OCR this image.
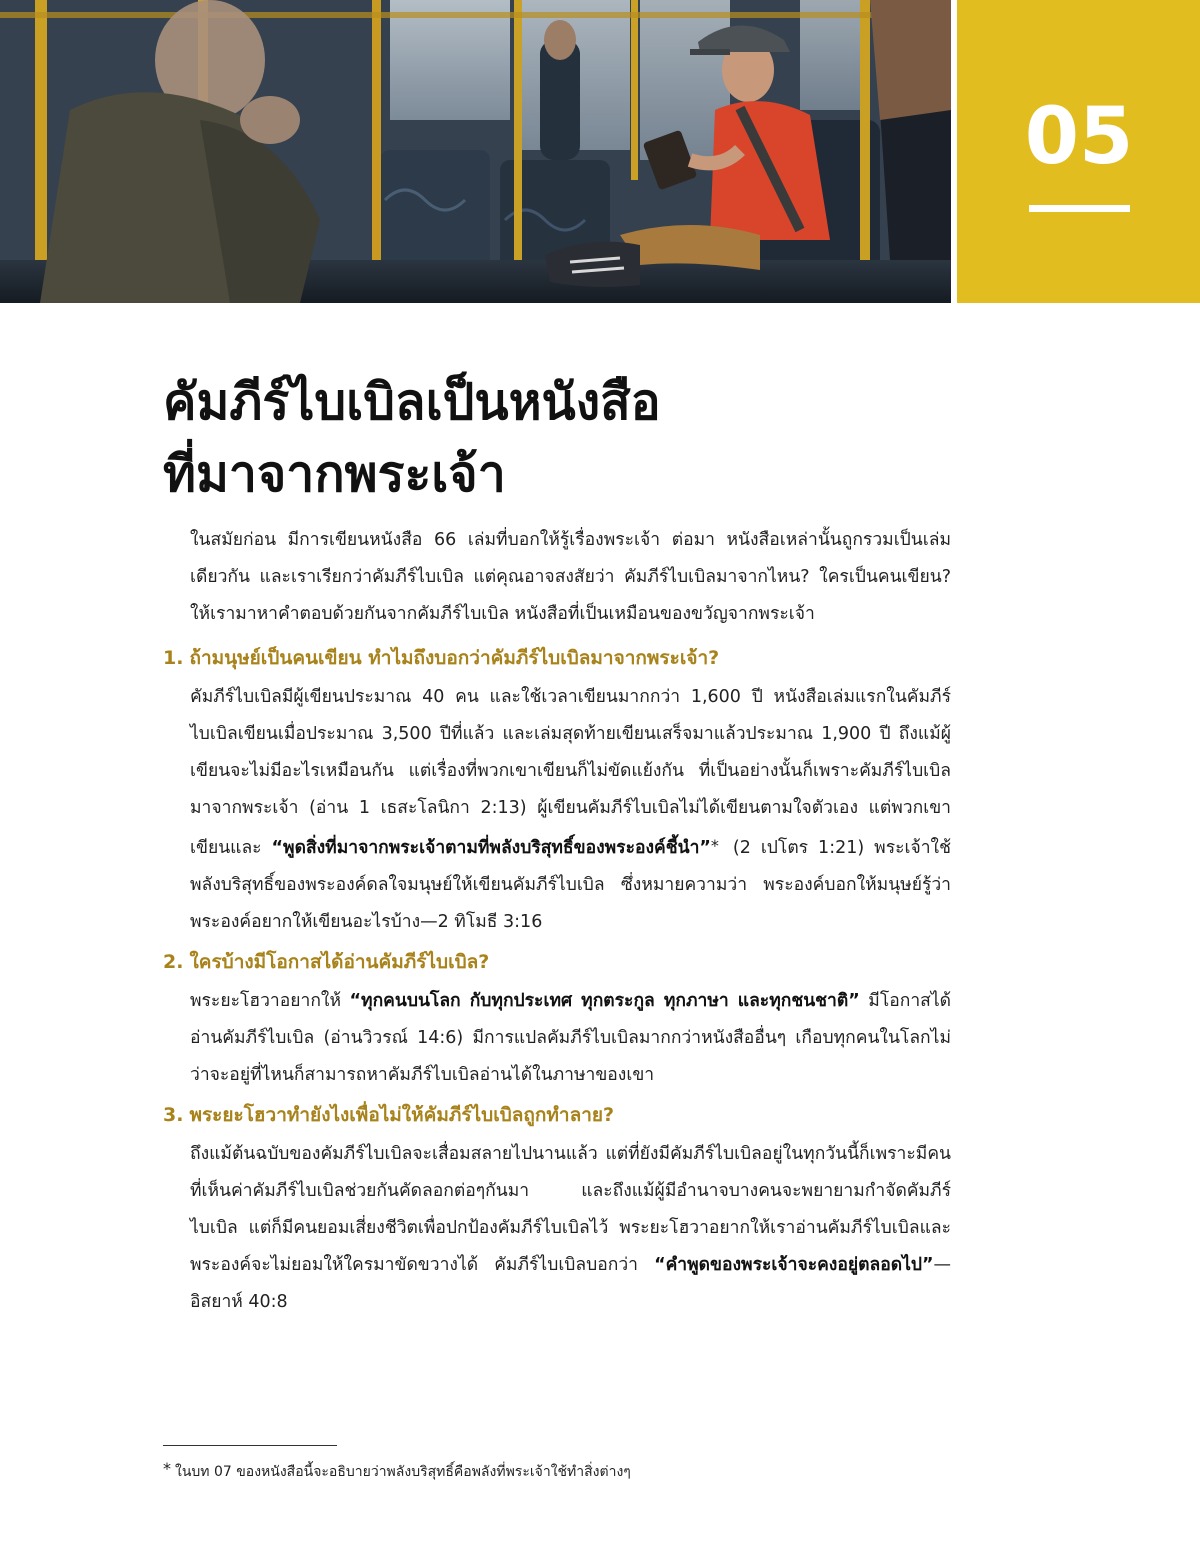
05
คัมภีร์ไบเบิลเป็นหนังสือ
ที่มาจากพระเจ้า

ในสมัยก่อน มีการเขียนหนังสือ 66 เล่มที่บอกให้รู้เรื่องพระเจ้า ต่อมา หนังสือเหล่านั้นถูกรวมเป็นเล่มเดียวกัน และเราเรียกว่าคัมภีร์ไบเบิล แต่คุณอาจสงสัยว่า คัมภีร์ไบเบิลมาจากไหน? ใครเป็นคนเขียน? ให้เรามาหาคำตอบด้วยกันจากคัมภีร์ไบเบิล หนังสือที่เป็นเหมือนของขวัญจากพระเจ้า

1. ถ้ามนุษย์เป็นคนเขียน ทำไมถึงบอกว่าคัมภีร์ไบเบิลมาจากพระเจ้า?

คัมภีร์ไบเบิลมีผู้เขียนประมาณ 40 คน และใช้เวลาเขียนมากกว่า 1,600 ปี หนังสือเล่มแรกในคัมภีร์ไบเบิลเขียนเมื่อประมาณ 3,500 ปีที่แล้ว และเล่มสุดท้ายเขียนเสร็จมาแล้วประมาณ 1,900 ปี ถึงแม้ผู้เขียนจะไม่มีอะไรเหมือนกัน แต่เรื่องที่พวกเขาเขียนก็ไม่ขัดแย้งกัน ที่เป็นอย่างนั้นก็เพราะคัมภีร์ไบเบิลมาจากพระเจ้า (อ่าน 1 เธสะโลนิกา 2:13) ผู้เขียนคัมภีร์ไบเบิลไม่ได้เขียนตามใจตัวเอง แต่พวกเขาเขียนและ “พูดสิ่งที่มาจากพระเจ้าตามที่พลังบริสุทธิ์ของพระองค์ชี้นำ”* (2 เปโตร 1:21) พระเจ้าใช้พลังบริสุทธิ์ของพระองค์ดลใจมนุษย์ให้เขียนคัมภีร์ไบเบิล ซึ่งหมายความว่า พระองค์บอกให้มนุษย์รู้ว่าพระองค์อยากให้เขียนอะไรบ้าง—2 ทิโมธี 3:16

2. ใครบ้างมีโอกาสได้อ่านคัมภีร์ไบเบิล?

พระยะโฮวาอยากให้ “ทุกคนบนโลก กับทุกประเทศ ทุกตระกูล ทุกภาษา และทุกชนชาติ” มีโอกาสได้อ่านคัมภีร์ไบเบิล (อ่านวิวรณ์ 14:6) มีการแปลคัมภีร์ไบเบิลมากกว่าหนังสืออื่นๆ เกือบทุกคนในโลกไม่ว่าจะอยู่ที่ไหนก็สามารถหาคัมภีร์ไบเบิลอ่านได้ในภาษาของเขา

3. พระยะโฮวาทำยังไงเพื่อไม่ให้คัมภีร์ไบเบิลถูกทำลาย?

ถึงแม้ต้นฉบับของคัมภีร์ไบเบิลจะเสื่อมสลายไปนานแล้ว แต่ที่ยังมีคัมภีร์ไบเบิลอยู่ในทุกวันนี้ก็เพราะมีคนที่เห็นค่าคัมภีร์ไบเบิลช่วยกันคัดลอกต่อๆกันมา และถึงแม้ผู้มีอำนาจบางคนจะพยายามกำจัดคัมภีร์ไบเบิล แต่ก็มีคนยอมเสี่ยงชีวิตเพื่อปกป้องคัมภีร์ไบเบิลไว้ พระยะโฮวาอยากให้เราอ่านคัมภีร์ไบเบิลและพระองค์จะไม่ยอมให้ใครมาขัดขวางได้ คัมภีร์ไบเบิลบอกว่า “คำพูดของพระเจ้าจะคงอยู่ตลอดไป”—อิสยาห์ 40:8

* ในบท 07 ของหนังสือนี้จะอธิบายว่าพลังบริสุทธิ์คือพลังที่พระเจ้าใช้ทำสิ่งต่างๆ
